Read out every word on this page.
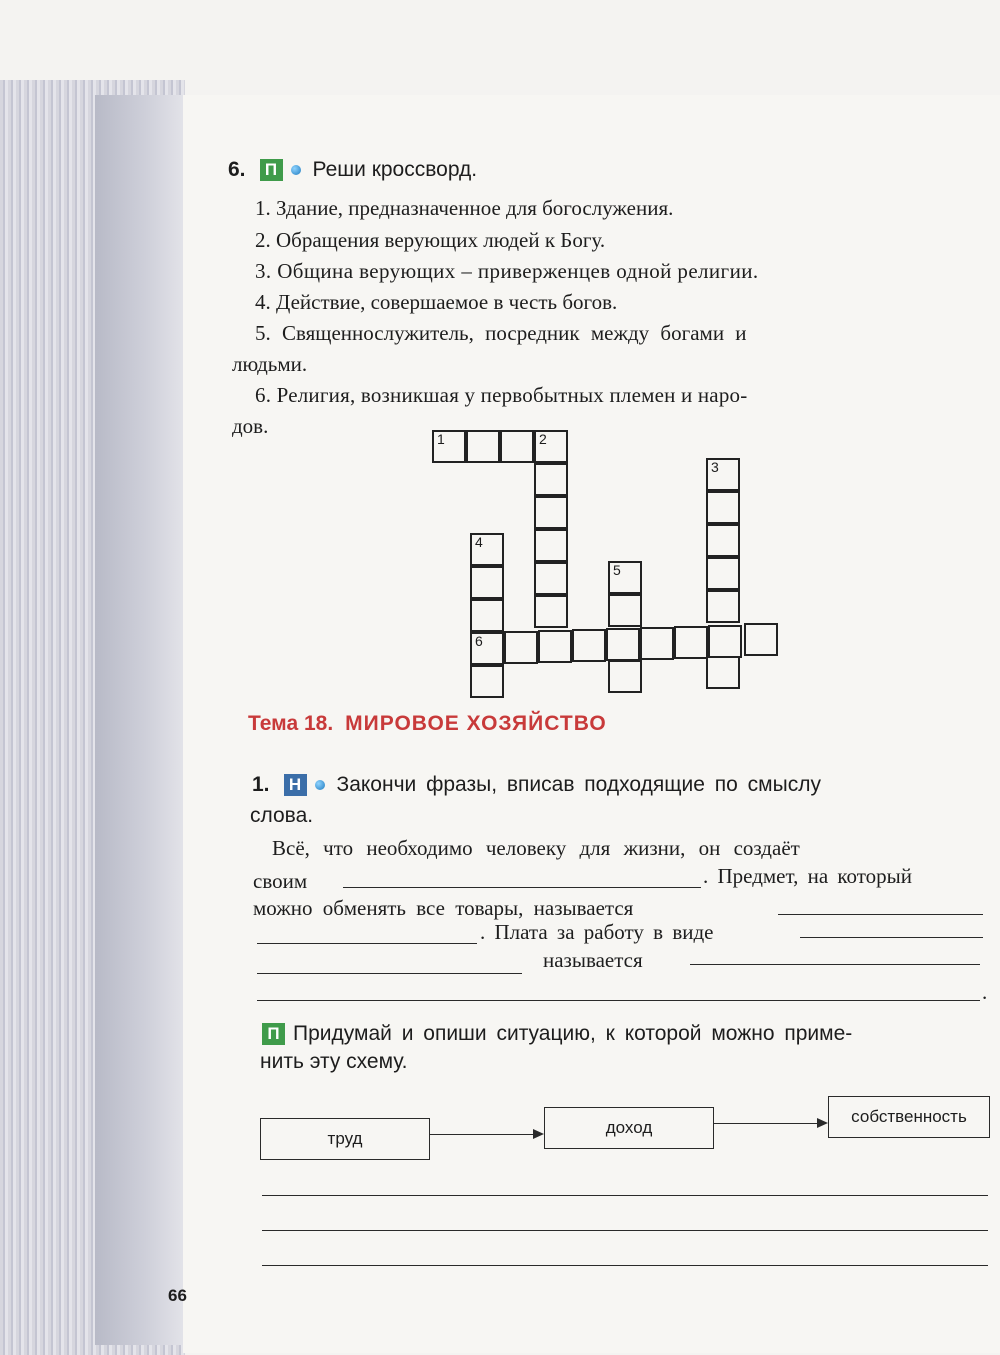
6.	П Реши кроссворд.

1. Здание, предназначенное для богослужения.

2. Обращения верующих людей к Богу.

3. Община верующих – приверженцев одной религии.

4. Действие, совершаемое в честь богов.

5. Священнослужитель, посредник между богами и

людьми.

6. Религия, возникшая у первобытных племен и наро-

дов.

1	2
3
4
5
6
Тема 18. МИРОВОЕ ХОЗЯЙСТВО
1.	Н Закончи фразы, вписав подходящие по смыслу
слова.
Всё, что необходимо человеку для жизни, он создаёт
своим	. Предмет, на который
можно обменять все товары, называется
. Плата за работу в виде
называется
.
П Придумай и опиши ситуацию, к которой можно приме-
нить эту схему.
труд
доход
собственность
66
